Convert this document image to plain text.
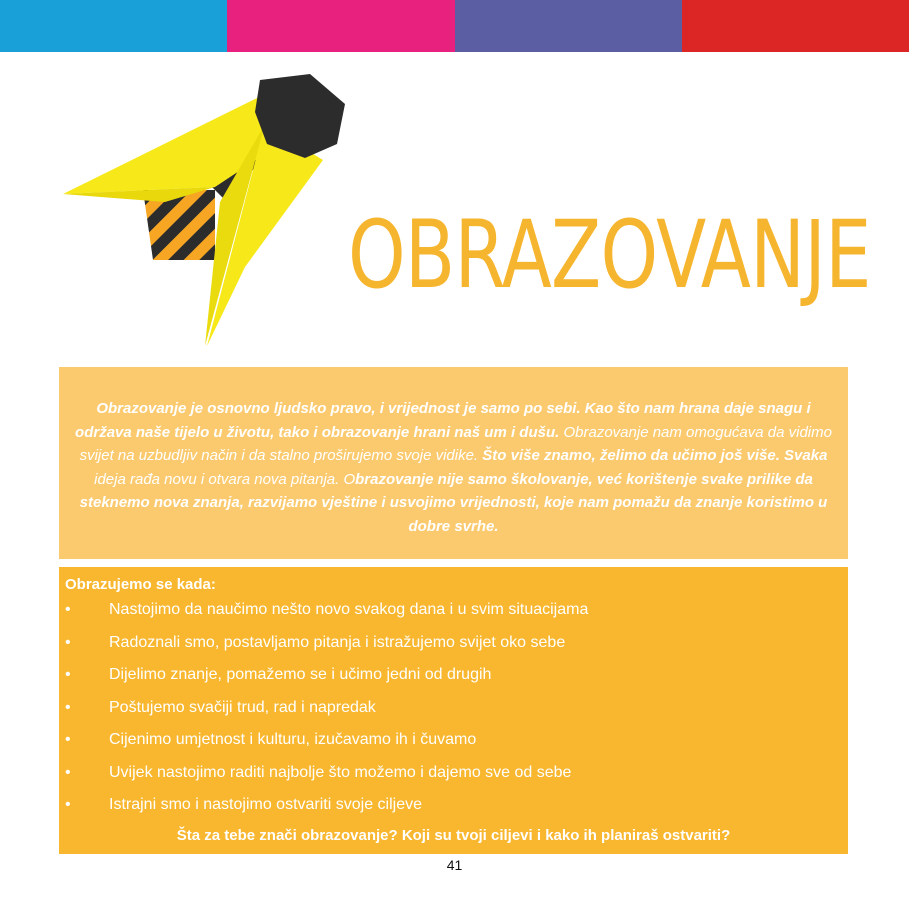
OBRAZOVANJE
Obrazovanje je osnovno ljudsko pravo, i vrijednost je samo po sebi. Kao što nam hrana daje snagu i održava naše tijelo u životu, tako i obrazovanje hrani naš um i dušu. Obrazovanje nam omogućava da vidimo svijet na uzbudljiv način i da stalno proširujemo svoje vidike. Što više znamo, želimo da učimo još više. Svaka ideja rađa novu i otvara nova pitanja. Obrazovanje nije samo školovanje, već korištenje svake prilike da steknemo nova znanja, razvijamo vještine i usvojimo vrijednosti, koje nam pomažu da znanje koristimo u dobre svrhe.
Obrazujemo se kada:
• Nastojimo da naučimo nešto novo svakog dana i u svim situacijama
• Radoznali smo, postavljamo pitanja i istražujemo svijet oko sebe
• Dijelimo znanje, pomažemo se i učimo jedni od drugih
• Poštujemo svačiji trud, rad i napredak
• Cijenimo umjetnost i kulturu, izučavamo ih i čuvamo
• Uvijek nastojimo raditi najbolje što možemo i dajemo sve od sebe
• Istrajni smo i nastojimo ostvariti svoje ciljeve
Šta za tebe znači obrazovanje? Koji su tvoji ciljevi i kako ih planiraš ostvariti?
41
